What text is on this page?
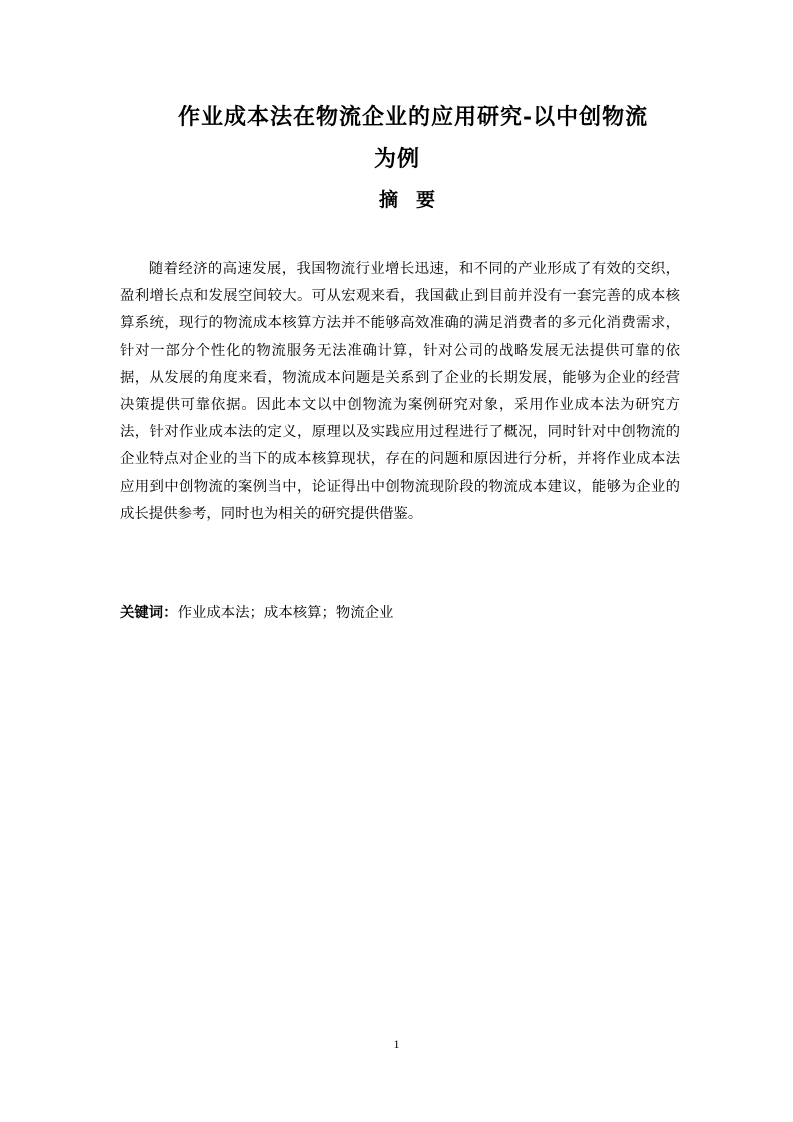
作业成本法在物流企业的应用研究-以中创物流
为例
摘要

随着经济的高速发展，我国物流行业增长迅速，和不同的产业形成了有效的交织，盈利增长点和发展空间较大。可从宏观来看，我国截止到目前并没有一套完善的成本核算系统，现行的物流成本核算方法并不能够高效准确的满足消费者的多元化消费需求，针对一部分个性化的物流服务无法准确计算，针对公司的战略发展无法提供可靠的依据，从发展的角度来看，物流成本问题是关系到了企业的长期发展，能够为企业的经营决策提供可靠依据。因此本文以中创物流为案例研究对象，采用作业成本法为研究方法，针对作业成本法的定义，原理以及实践应用过程进行了概况，同时针对中创物流的企业特点对企业的当下的成本核算现状，存在的问题和原因进行分析，并将作业成本法应用到中创物流的案例当中，论证得出中创物流现阶段的物流成本建议，能够为企业的成长提供参考，同时也为相关的研究提供借鉴。

关键词：作业成本法；成本核算；物流企业
1
